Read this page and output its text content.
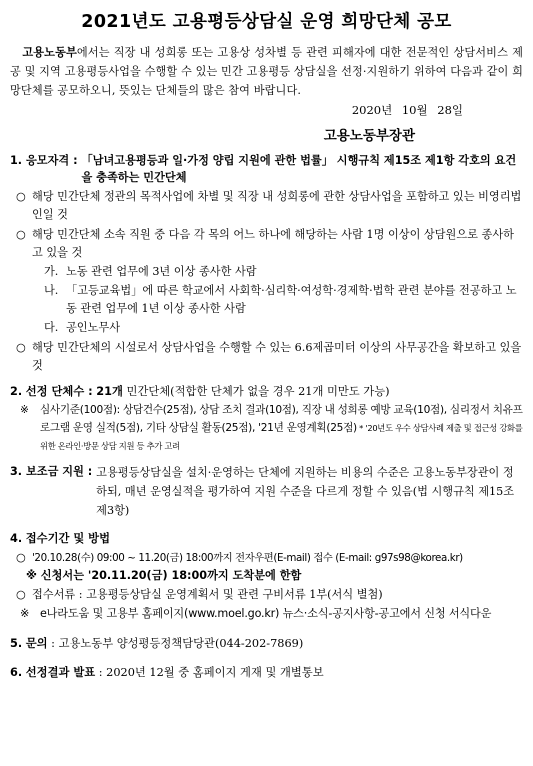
2021년도 고용평등상담실 운영 희망단체 공모

고용노동부에서는 직장 내 성희롱 또는 고용상 성차별 등 관련 피해자에 대한 전문적인 상담서비스 제공 및 지역 고용평등사업을 수행할 수 있는 민간 고용평등 상담실을 선정·지원하기 위하여 다음과 같이 희망단체를 공모하오니, 뜻있는 단체들의 많은 참여 바랍니다.

2020년 10월 28일
고용노동부장관
1. 응모자격 : 「남녀고용평등과 일·가정 양립 지원에 관한 법률」 시행규칙 제15조 제1항 각호의 요건을 충족하는 민간단체
○ 해당 민간단체 정관의 목적사업에 차별 및 직장 내 성희롱에 관한 상담사업을 포함하고 있는 비영리법인일 것
○ 해당 민간단체 소속 직원 중 다음 각 목의 어느 하나에 해당하는 사람 1명 이상이 상담원으로 종사하고 있을 것
가. 노동 관련 업무에 3년 이상 종사한 사람
나. 「고등교육법」에 따른 학교에서 사회학·심리학·여성학·경제학·법학 관련 분야를 전공하고 노동 관련 업무에 1년 이상 종사한 사람
다. 공인노무사
○ 해당 민간단체의 시설로서 상담사업을 수행할 수 있는 6.6제곱미터 이상의 사무공간을 확보하고 있을 것
2. 선정 단체수 : 21개 민간단체(적합한 단체가 없을 경우 21개 미만도 가능)
※	심사기준(100점): 상담건수(25점), 상담 조치 결과(10점), 직장 내 성희롱 예방 교육(10점), 심리정서 치유프로그램 운영 실적(5점), 기타 상담실 활동(25점), '21년 운영계획(25점) * '20년도 우수 상담사례 제출 및 접근성 강화를 위한 온라인·방문 상담 지원 등 추가 고려
3. 보조금 지원 : 고용평등상담실을 설치·운영하는 단체에 지원하는 비용의 수준은 고용노동부장관이 정하되, 매년 운영실적을 평가하여 지원 수준을 다르게 정할 수 있음(법 시행규칙 제15조제3항)
4. 접수기간 및 방법
○ '20.10.28(수) 09:00 ~ 11.20(금) 18:00까지 전자우편(E-mail) 접수 (E-mail: g97s98@korea.kr)
※ 신청서는 '20.11.20(금) 18:00까지 도착분에 한함
○ 접수서류 : 고용평등상담실 운영계획서 및 관련 구비서류 1부(서식 별첨)
※ e나라도움 및 고용부 홈페이지(www.moel.go.kr) 뉴스·소식-공지사항-공고에서 신청 서식다운
5. 문의 : 고용노동부 양성평등정책담당관(044-202-7869)
6. 선정결과 발표 : 2020년 12월 중 홈페이지 게재 및 개별통보
